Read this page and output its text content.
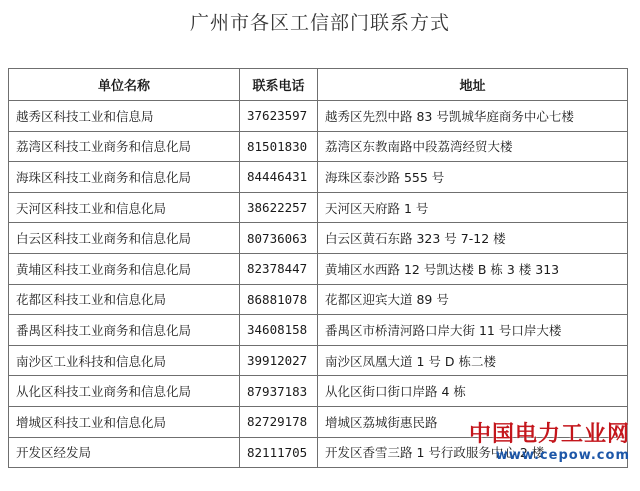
广州市各区工信部门联系方式
单位名称	联系电话	地址
越秀区科技工业和信息局	37623597	越秀区先烈中路 83 号凯城华庭商务中心七楼
荔湾区科技工业商务和信息化局	81501830	荔湾区东教南路中段荔湾经贸大楼
海珠区科技工业商务和信息化局	84446431	海珠区泰沙路 555 号
天河区科技工业和信息化局	38622257	天河区天府路 1 号
白云区科技工业商务和信息化局	80736063	白云区黄石东路 323 号 7-12 楼
黄埔区科技工业商务和信息化局	82378447	黄埔区水西路 12 号凯达楼 B 栋 3 楼 313
花都区科技工业和信息化局	86881078	花都区迎宾大道 89 号
番禺区科技工业商务和信息化局	34608158	番禺区市桥清河路口岸大街 11 号口岸大楼
南沙区工业科技和信息化局	39912027	南沙区凤凰大道 1 号 D 栋二楼
从化区科技工业商务和信息化局	87937183	从化区街口街口岸路 4 栋
增城区科技工业和信息化局	82729178	增城区荔城街惠民路
开发区经发局	82111705	开发区香雪三路 1 号行政服务中心 2 楼
中国电力工业网
www.cepow.com
